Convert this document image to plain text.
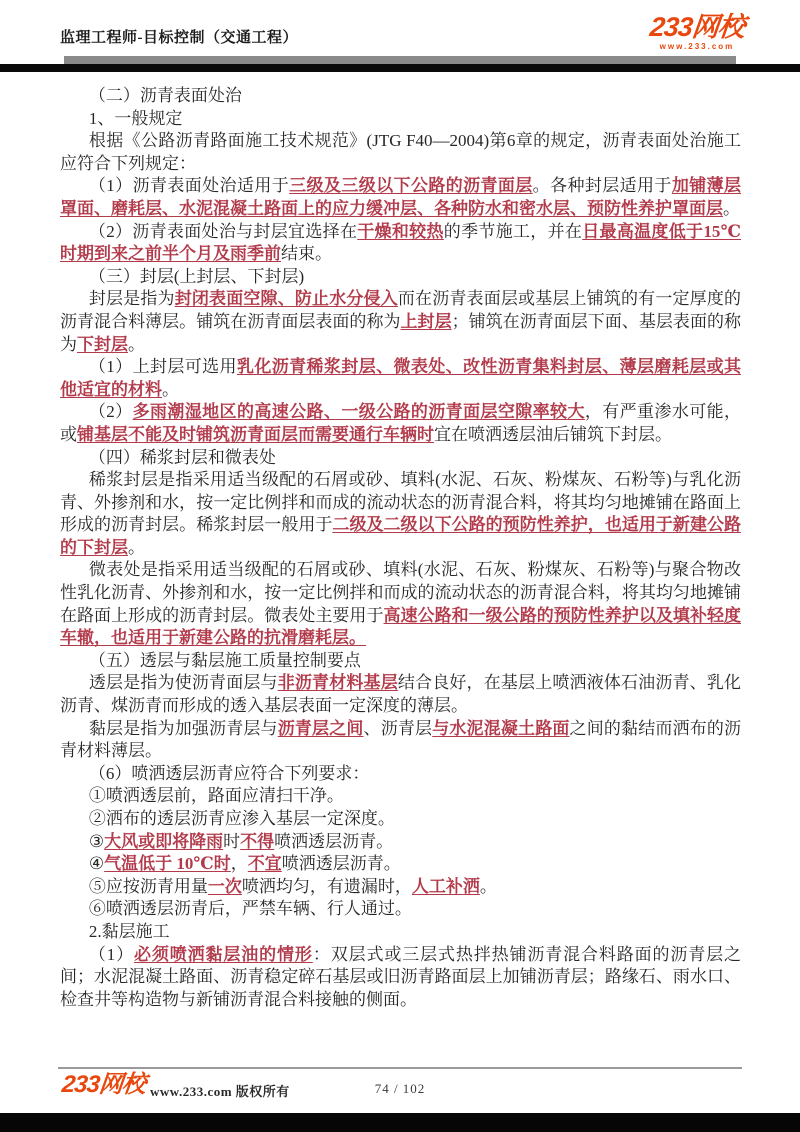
监理工程师-目标控制（交通工程）	233网校
www.233.com

（二）沥青表面处治

1、一般规定

根据《公路沥青路面施工技术规范》(JTG F40—2004)第6章的规定，沥青表面处治施工应符合下列规定：

（1）沥青表面处治适用于三级及三级以下公路的沥青面层。各种封层适用于加铺薄层罩面、磨耗层、水泥混凝土路面上的应力缓冲层、各种防水和密水层、预防性养护罩面层。

（2）沥青表面处治与封层宜选择在干燥和较热的季节施工，并在日最高温度低于15℃时期到来之前半个月及雨季前结束。

（三）封层(上封层、下封层)

封层是指为封闭表面空隙、防止水分侵入而在沥青表面层或基层上铺筑的有一定厚度的沥青混合料薄层。铺筑在沥青面层表面的称为上封层；铺筑在沥青面层下面、基层表面的称为下封层。

（1）上封层可选用乳化沥青稀浆封层、微表处、改性沥青集料封层、薄层磨耗层或其他适宜的材料。

（2）多雨潮湿地区的高速公路、一级公路的沥青面层空隙率较大，有严重渗水可能，或铺基层不能及时铺筑沥青面层而需要通行车辆时宜在喷洒透层油后铺筑下封层。

（四）稀浆封层和微表处

稀浆封层是指采用适当级配的石屑或砂、填料(水泥、石灰、粉煤灰、石粉等)与乳化沥青、外掺剂和水，按一定比例拌和而成的流动状态的沥青混合料，将其均匀地摊铺在路面上形成的沥青封层。稀浆封层一般用于二级及二级以下公路的预防性养护，也适用于新建公路的下封层。

微表处是指采用适当级配的石屑或砂、填料(水泥、石灰、粉煤灰、石粉等)与聚合物改性乳化沥青、外掺剂和水，按一定比例拌和而成的流动状态的沥青混合料，将其均匀地摊铺在路面上形成的沥青封层。微表处主要用于高速公路和一级公路的预防性养护以及填补轻度车辙，也适用于新建公路的抗滑磨耗层。

（五）透层与黏层施工质量控制要点

透层是指为使沥青面层与非沥青材料基层结合良好，在基层上喷洒液体石油沥青、乳化沥青、煤沥青而形成的透入基层表面一定深度的薄层。

黏层是指为加强沥青层与沥青层之间、沥青层与水泥混凝土路面之间的黏结而洒布的沥青材料薄层。

（6）喷洒透层沥青应符合下列要求：

①喷洒透层前，路面应清扫干净。

②洒布的透层沥青应渗入基层一定深度。

③大风或即将降雨时不得喷洒透层沥青。

④气温低于 10℃时，不宜喷洒透层沥青。

⑤应按沥青用量一次喷洒均匀，有遗漏时，人工补洒。

⑥喷洒透层沥青后，严禁车辆、行人通过。

2.黏层施工

（1）必须喷洒黏层油的情形：双层式或三层式热拌热铺沥青混合料路面的沥青层之间；水泥混凝土路面、沥青稳定碎石基层或旧沥青路面层上加铺沥青层；路缘石、雨水口、检查井等构造物与新铺沥青混合料接触的侧面。

233网校 www.233.com 版权所有	74 / 102
